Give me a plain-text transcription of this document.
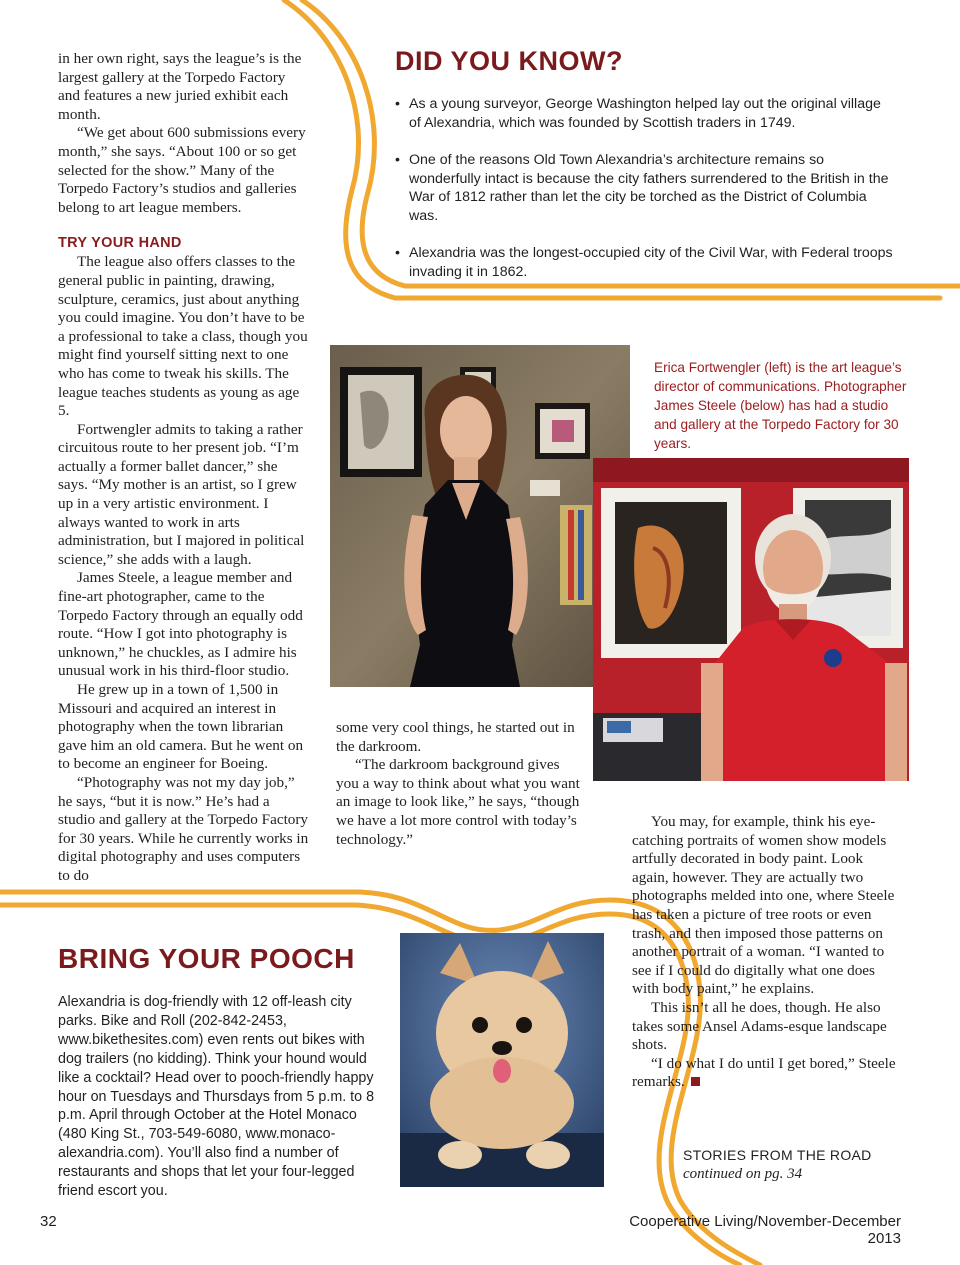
in her own right, says the league’s is the largest gallery at the Torpedo Factory and features a new juried exhibit each month.

“We get about 600 submissions every month,” she says. “About 100 or so get selected for the show.” Many of the Torpedo Factory’s studios and galleries belong to art league members.

TRY YOUR HAND

The league also offers classes to the general public in painting, drawing, sculpture, ceramics, just about anything you could imagine. You don’t have to be a professional to take a class, though you might find yourself sitting next to one who has come to tweak his skills. The league teaches students as young as age 5.

Fortwengler admits to taking a rather circuitous route to her present job. “I’m actually a former ballet dancer,” she says. “My mother is an artist, so I grew up in a very artistic environment. I always wanted to work in arts administration, but I majored in political science,” she adds with a laugh.

James Steele, a league member and fine-art photographer, came to the Torpedo Factory through an equally odd route. “How I got into photography is unknown,” he chuckles, as I admire his unusual work in his third-floor studio.

He grew up in a town of 1,500 in Missouri and acquired an interest in photography when the town librarian gave him an old camera. But he went on to become an engineer for Boeing.

“Photography was not my day job,” he says, “but it is now.” He’s had a studio and gallery at the Torpedo Factory for 30 years. While he currently works in digital photography and uses computers to do

DID YOU KNOW?
• As a young surveyor, George Washington helped lay out the original village of Alexandria, which was founded by Scottish traders in 1749.
• One of the reasons Old Town Alexandria’s architecture remains so wonderfully intact is because the city fathers surrendered to the British in the War of 1812 rather than let the city be torched as the District of Columbia was.
• Alexandria was the longest-occupied city of the Civil War, with Federal troops invading it in 1862.
Erica Fortwengler (left) is the art league’s director of communications. Photographer James Steele (below) has had a studio and gallery at the Torpedo Factory for 30 years.

some very cool things, he started out in the darkroom.

“The darkroom background gives you a way to think about what you want an image to look like,” he says, “though we have a lot more control with today’s technology.”

You may, for example, think his eye-catching portraits of women show models artfully decorated in body paint. Look again, however. They are actually two photographs melded into one, where Steele has taken a picture of tree roots or even trash, and then imposed those patterns on another portrait of a woman. “I wanted to see if I could do digitally what one does with body paint,” he explains.

This isn’t all he does, though. He also takes some Ansel Adams-esque landscape shots.

“I do what I do until I get bored,” Steele remarks.

STORIES FROM THE ROAD
continued on pg. 34
BRING YOUR POOCH
Alexandria is dog-friendly with 12 off-leash city parks. Bike and Roll (202-842-2453, www.bikethesites.com) even rents out bikes with dog trailers (no kidding). Think your hound would like a cocktail? Head over to pooch-friendly happy hour on Tuesdays and Thursdays from 5 p.m. to 8 p.m. April through October at the Hotel Monaco (480 King St., 703-549-6080, www.monaco-alexandria.com). You’ll also find a number of restaurants and shops that let your four-legged friend escort you.
32	Cooperative Living/November-December 2013
